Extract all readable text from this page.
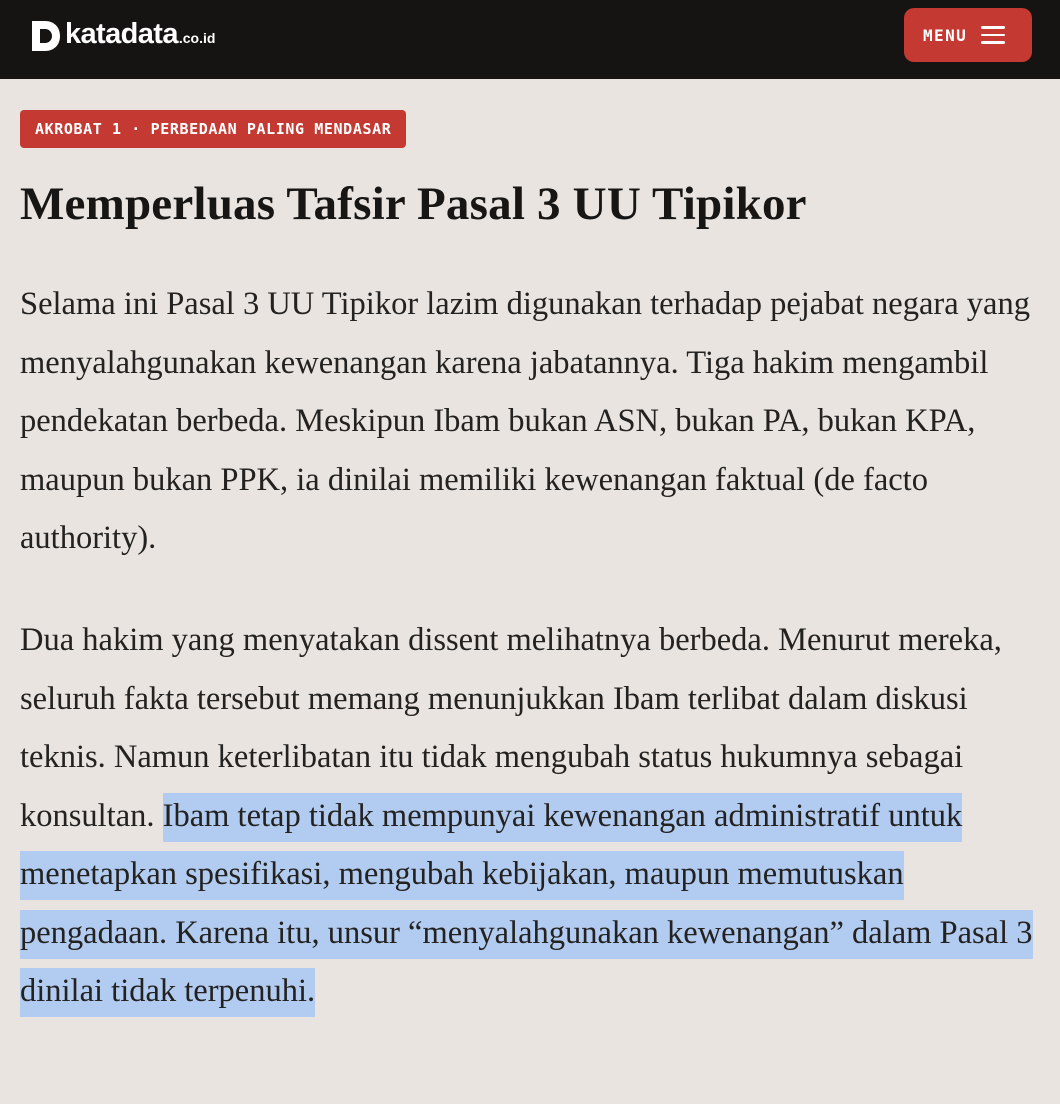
katadata .co.id	MENU
AKROBAT 1 · PERBEDAAN PALING MENDASAR
Memperluas Tafsir Pasal 3 UU Tipikor

Selama ini Pasal 3 UU Tipikor lazim digunakan terhadap pejabat negara yang menyalahgunakan kewenangan karena jabatannya. Tiga hakim mengambil pendekatan berbeda. Meskipun Ibam bukan ASN, bukan PA, bukan KPA, maupun bukan PPK, ia dinilai memiliki kewenangan faktual (de facto authority).

Dua hakim yang menyatakan dissent melihatnya berbeda. Menurut mereka, seluruh fakta tersebut memang menunjukkan Ibam terlibat dalam diskusi teknis. Namun keterlibatan itu tidak mengubah status hukumnya sebagai konsultan. Ibam tetap tidak mempunyai kewenangan administratif untuk menetapkan spesifikasi, mengubah kebijakan, maupun memutuskan pengadaan. Karena itu, unsur “menyalahgunakan kewenangan” dalam Pasal 3 dinilai tidak terpenuhi.
